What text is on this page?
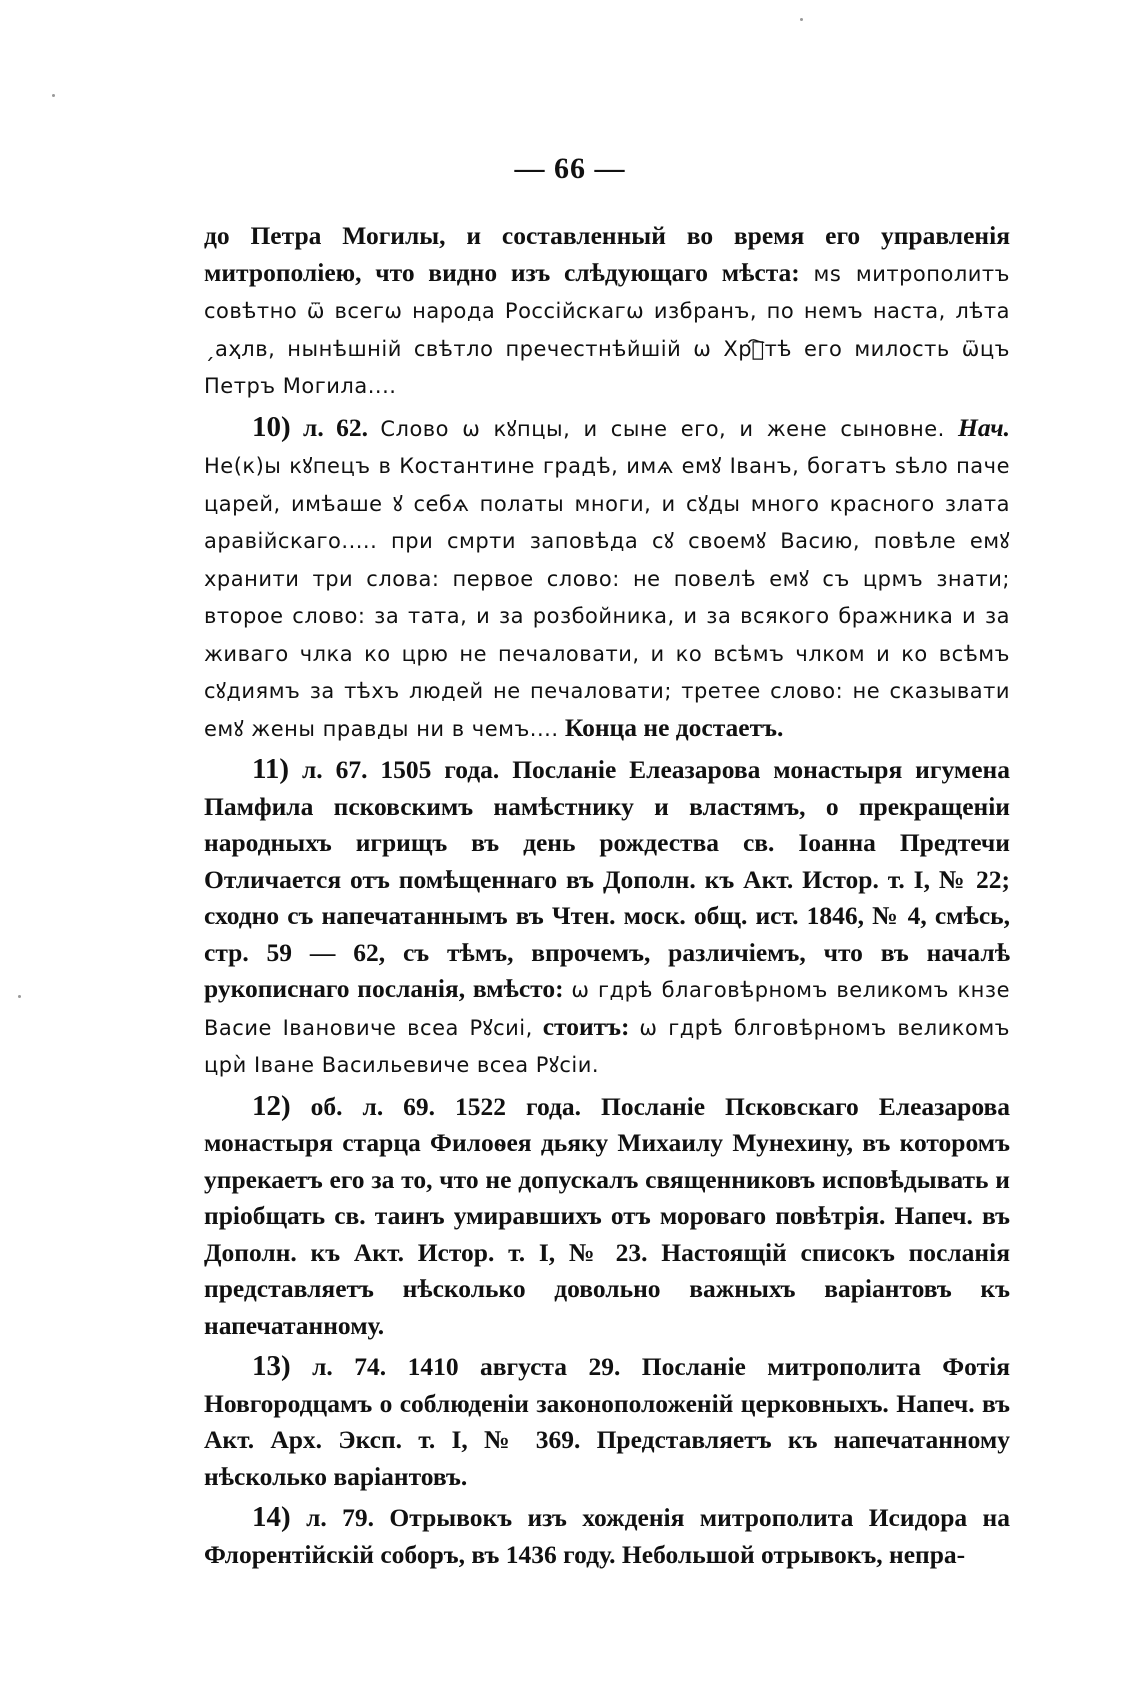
— 66 —

до Петра Могилы, и составленный во время его управленія митрополіею, что видно изъ слѣдующаго мѣста: мѕ митрополитъ совѣтно ѿ всегѡ народа Россійскагѡ избранъ, по немъ наста, лѣта ˏаҳлв, нынѣшній свѣтло пречестнѣйшій ѡ Хрⷭ҇тѣ его милость ѿцъ Петръ Могила....

10) л. 62. Слово ѡ кꙋпцы, и сыне его, и жене сыновне. Нач. Не(к)ы кꙋпецъ в Костантине градѣ, имѧ емꙋ Іванъ, богатъ ѕѣло паче царей, имѣаше ꙋ себѧ полаты многи, и сꙋды много красного злата аравійскаго..... при смрти заповѣда сꙋ своемꙋ Васию, повѣле емꙋ хранити три слова: первое слово: не повелѣ емꙋ съ црмъ знати; второе слово: за тата, и за розбойника, и за всякого бражника и за живаго члка ко црю не печаловати, и ко всѣмъ члком и ко всѣмъ сꙋдиямъ за тѣхъ людей не печаловати; третее слово: не сказывати емꙋ жены правды ни в чемъ.... Конца не достаетъ.

11) л. 67. 1505 года. Посланіе Елеазарова монастыря игумена Памфила псковскимъ намѣстнику и властямъ, о прекращеніи народныхъ игрищъ въ день рождества св. Іоанна Предтечи Отличается отъ помѣщеннаго въ Дополн. къ Акт. Истор. т. I, № 22; сходно съ напечатаннымъ въ Чтен. моск. общ. ист. 1846, № 4, смѣсь, стр. 59 — 62, съ тѣмъ, впрочемъ, различіемъ, что въ началѣ рукописнаго посланія, вмѣсто: ѡ гдрѣ благовѣрномъ великомъ кнзе Васие Івановиче всеа Рꙋсиі, стоитъ: ѡ гдрѣ блговѣрномъ великомъ црѝ Іване Васильевиче всеа Рꙋсіи.

12) об. л. 69. 1522 года. Посланіе Псковскаго Елеазарова монастыря старца Филоѳея дьяку Михаилу Мунехину, въ которомъ упрекаетъ его за то, что не допускалъ священниковъ исповѣдывать и пріобщать св. таинъ умиравшихъ отъ мороваго повѣтрія. Напеч. въ Дополн. къ Акт. Истор. т. I, № 23. Настоящій списокъ посланія представляетъ нѣсколько довольно важныхъ варіантовъ къ напечатанному.

13) л. 74. 1410 августа 29. Посланіе митрополита Фотія Новгородцамъ о соблюденіи законоположеній церковныхъ. Напеч. въ Акт. Арх. Эксп. т. I, № 369. Представляетъ къ напечатанному нѣсколько варіантовъ.

14) л. 79. Отрывокъ изъ хожденія митрополита Исидора на Флорентійскій соборъ, въ 1436 году. Небольшой отрывокъ, непра-
